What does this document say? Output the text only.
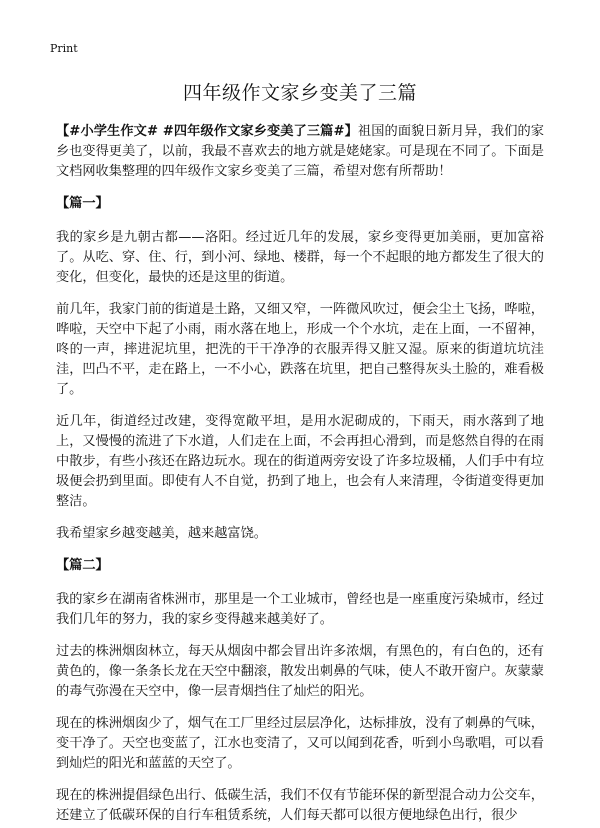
Print
四年级作文家乡变美了三篇

【#小学生作文# #四年级作文家乡变美了三篇#】祖国的面貌日新月异，我们的家乡也变得更美了，以前，我最不喜欢去的地方就是姥姥家。可是现在不同了。下面是文档网收集整理的四年级作文家乡变美了三篇，希望对您有所帮助！

【篇一】

我的家乡是九朝古都——洛阳。经过近几年的发展，家乡变得更加美丽，更加富裕了。从吃、穿、住、行，到小河、绿地、楼群，每一个不起眼的地方都发生了很大的变化，但变化，最快的还是这里的街道。

前几年，我家门前的街道是土路，又细又窄，一阵微风吹过，便会尘土飞扬，哗啦，哗啦，天空中下起了小雨，雨水落在地上，形成一个个水坑，走在上面，一不留神，咚的一声，摔进泥坑里，把洗的干干净净的衣服弄得又脏又湿。原来的街道坑坑洼洼，凹凸不平，走在路上，一不小心，跌落在坑里，把自己整得灰头土脸的，难看极了。

近几年，街道经过改建，变得宽敞平坦，是用水泥砌成的，下雨天，雨水落到了地上，又慢慢的流进了下水道，人们走在上面，不会再担心滑到，而是悠然自得的在雨中散步，有些小孩还在路边玩水。现在的街道两旁安设了许多垃圾桶，人们手中有垃圾便会扔到里面。即使有人不自觉，扔到了地上，也会有人来清理，令街道变得更加整洁。

我希望家乡越变越美，越来越富饶。

【篇二】

我的家乡在湖南省株洲市，那里是一个工业城市，曾经也是一座重度污染城市，经过我们几年的努力，我的家乡变得越来越美好了。

过去的株洲烟囱林立，每天从烟囱中都会冒出许多浓烟，有黑色的，有白色的，还有黄色的，像一条条长龙在天空中翻滚，散发出刺鼻的气味，使人不敢开窗户。灰蒙蒙的毒气弥漫在天空中，像一层青烟挡住了灿烂的阳光。

现在的株洲烟囱少了，烟气在工厂里经过层层净化，达标排放，没有了刺鼻的气味，变干净了。天空也变蓝了，江水也变清了，又可以闻到花香，听到小鸟歌唱，可以看到灿烂的阳光和蓝蓝的天空了。

现在的株洲提倡绿色出行、低碳生活，我们不仅有节能环保的新型混合动力公交车，还建立了低碳环保的自行车租赁系统，人们每天都可以很方便地绿色出行，很少
